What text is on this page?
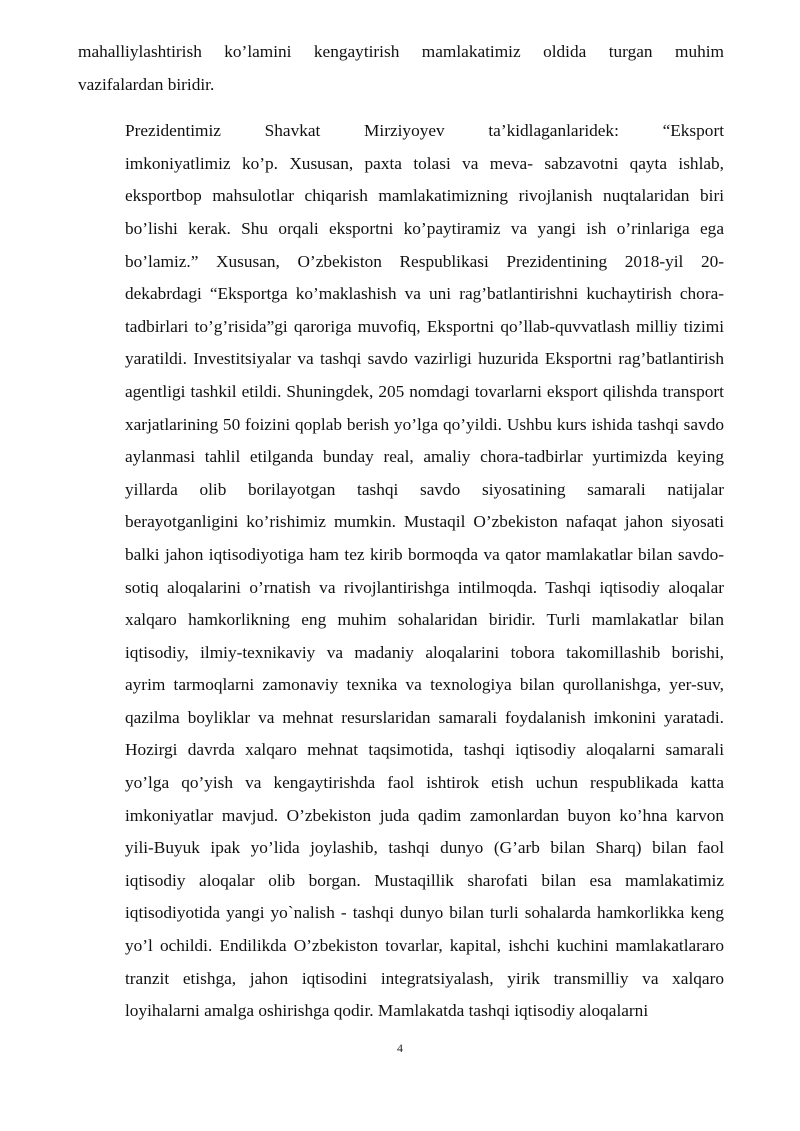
mahalliylashtirish ko’lamini kengaytirish mamlakatimiz oldida turgan muhim
vazifalardan biridir.

Prezidentimiz Shavkat Mirziyoyev ta’kidlaganlaridek: “Eksport
imkoniyatlimiz ko’p. Xususan, paxta tolasi va meva- sabzavotni qayta ishlab,
eksportbop mahsulotlar chiqarish mamlakatimizning rivojlanish nuqtalaridan biri
bo’lishi kerak. Shu orqali eksportni ko’paytiramiz va yangi ish o’rinlariga ega
bo’lamiz.” Xususan, O’zbekiston Respublikasi Prezidentining 2018-yil 20-
dekabrdagi “Eksportga ko’maklashish va uni rag’batlantirishni kuchaytirish chora-
tadbirlari to’g’risida”gi qaroriga muvofiq, Eksportni qo’llab-quvvatlash milliy tizimi
yaratildi. Investitsiyalar va tashqi savdo vazirligi huzurida Eksportni rag’batlantirish
agentligi tashkil etildi. Shuningdek, 205 nomdagi tovarlarni eksport qilishda transport
xarjatlarining 50 foizini qoplab berish yo’lga qo’yildi. Ushbu kurs ishida tashqi savdo
aylanmasi tahlil etilganda bunday real, amaliy chora-tadbirlar yurtimizda keying
yillarda olib borilayotgan tashqi savdo siyosatining samarali natijalar
berayotganligini ko’rishimiz mumkin. Mustaqil O’zbekiston nafaqat jahon siyosati
balki jahon iqtisodiyotiga ham tez kirib bormoqda va qator mamlakatlar bilan savdo-
sotiq aloqalarini o’rnatish va rivojlantirishga intilmoqda. Tashqi iqtisodiy aloqalar
xalqaro hamkorlikning eng muhim sohalaridan biridir. Turli mamlakatlar bilan
iqtisodiy, ilmiy-texnikaviy va madaniy aloqalarini tobora takomillashib borishi,
ayrim tarmoqlarni zamonaviy texnika va texnologiya bilan qurollanishga, yer-suv,
qazilma boyliklar va mehnat resurslaridan samarali foydalanish imkonini yaratadi.
Hozirgi davrda xalqaro mehnat taqsimotida, tashqi iqtisodiy aloqalarni samarali
yo’lga qo’yish va kengaytirishda faol ishtirok etish uchun respublikada katta
imkoniyatlar mavjud. O’zbekiston juda qadim zamonlardan buyon ko’hna karvon
yili-Buyuk ipak yo’lida joylashib, tashqi dunyo (G’arb bilan Sharq) bilan faol
iqtisodiy aloqalar olib borgan. Mustaqillik sharofati bilan esa mamlakatimiz
iqtisodiyotida yangi yo`nalish - tashqi dunyo bilan turli sohalarda hamkorlikka keng
yo’l ochildi. Endilikda O’zbekiston tovarlar, kapital, ishchi kuchini mamlakatlararo
tranzit etishga, jahon iqtisodini integratsiyalash, yirik transmilliy va xalqaro
loyihalarni amalga oshirishga qodir. Mamlakatda tashqi iqtisodiy aloqalarni

4
